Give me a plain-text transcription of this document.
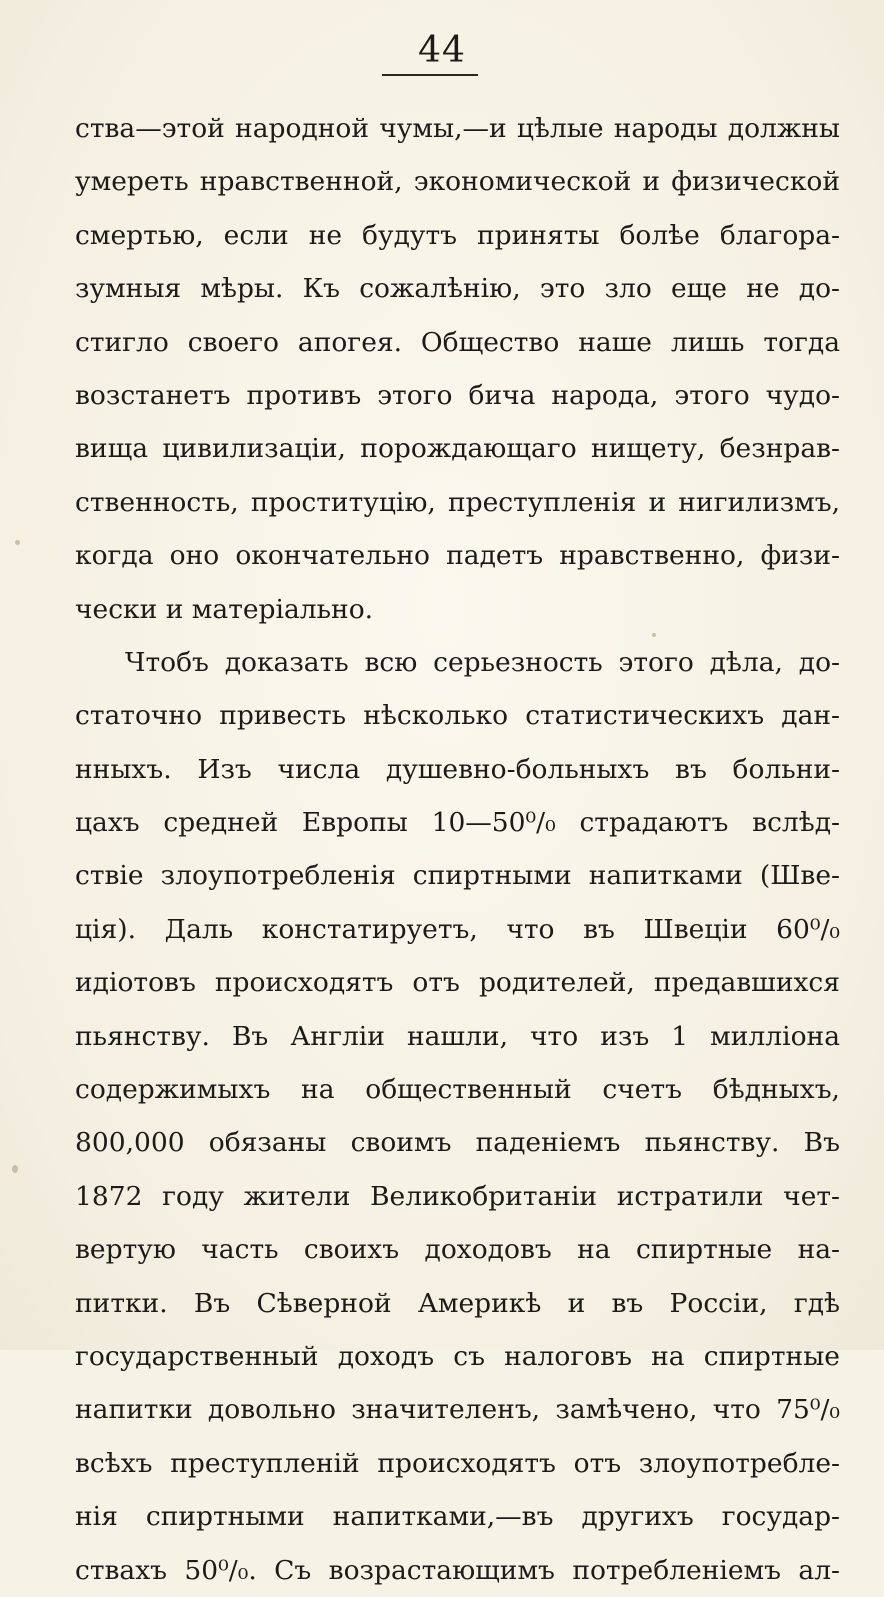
44
ства—этой народной чумы,—и цѣлые народы должны
умереть нравственной, экономической и физической
смертью, если не будутъ приняты болѣе благора-
зумныя мѣры. Къ сожалѣнію, это зло еще не до-
стигло своего апогея. Общество наше лишь тогда
возстанетъ противъ этого бича народа, этого чудо-
вища цивилизаціи, порождающаго нищету, безнрав-
ственность, проституцію, преступленія и нигилизмъ,
когда оно окончательно падетъ нравственно, физи-
чески и матеріально.
Чтобъ доказать всю серьезность этого дѣла, до-
статочно привесть нѣсколько статистическихъ дан-
нныхъ. Изъ числа душевно-больныхъ въ больни-
цахъ средней Европы 10—50⁰/₀ страдаютъ вслѣд-
ствіе злоупотребленія спиртными напитками (Шве-
ція). Даль констатируетъ, что въ Швеціи 60⁰/₀
идіотовъ происходятъ отъ родителей, предавшихся
пьянству. Въ Англіи нашли, что изъ 1 милліона
содержимыхъ на общественный счетъ бѣдныхъ,
800,000 обязаны своимъ паденіемъ пьянству. Въ
1872 году жители Великобританіи истратили чет-
вертую часть своихъ доходовъ на спиртные на-
питки. Въ Сѣверной Америкѣ и въ Россіи, гдѣ
государственный доходъ съ налоговъ на спиртные
напитки довольно значителенъ, замѣчено, что 75⁰/₀
всѣхъ преступленій происходятъ отъ злоупотребле-
нія спиртными напитками,—въ другихъ государ-
ствахъ 50⁰/₀. Съ возрастающимъ потребленіемъ ал-
